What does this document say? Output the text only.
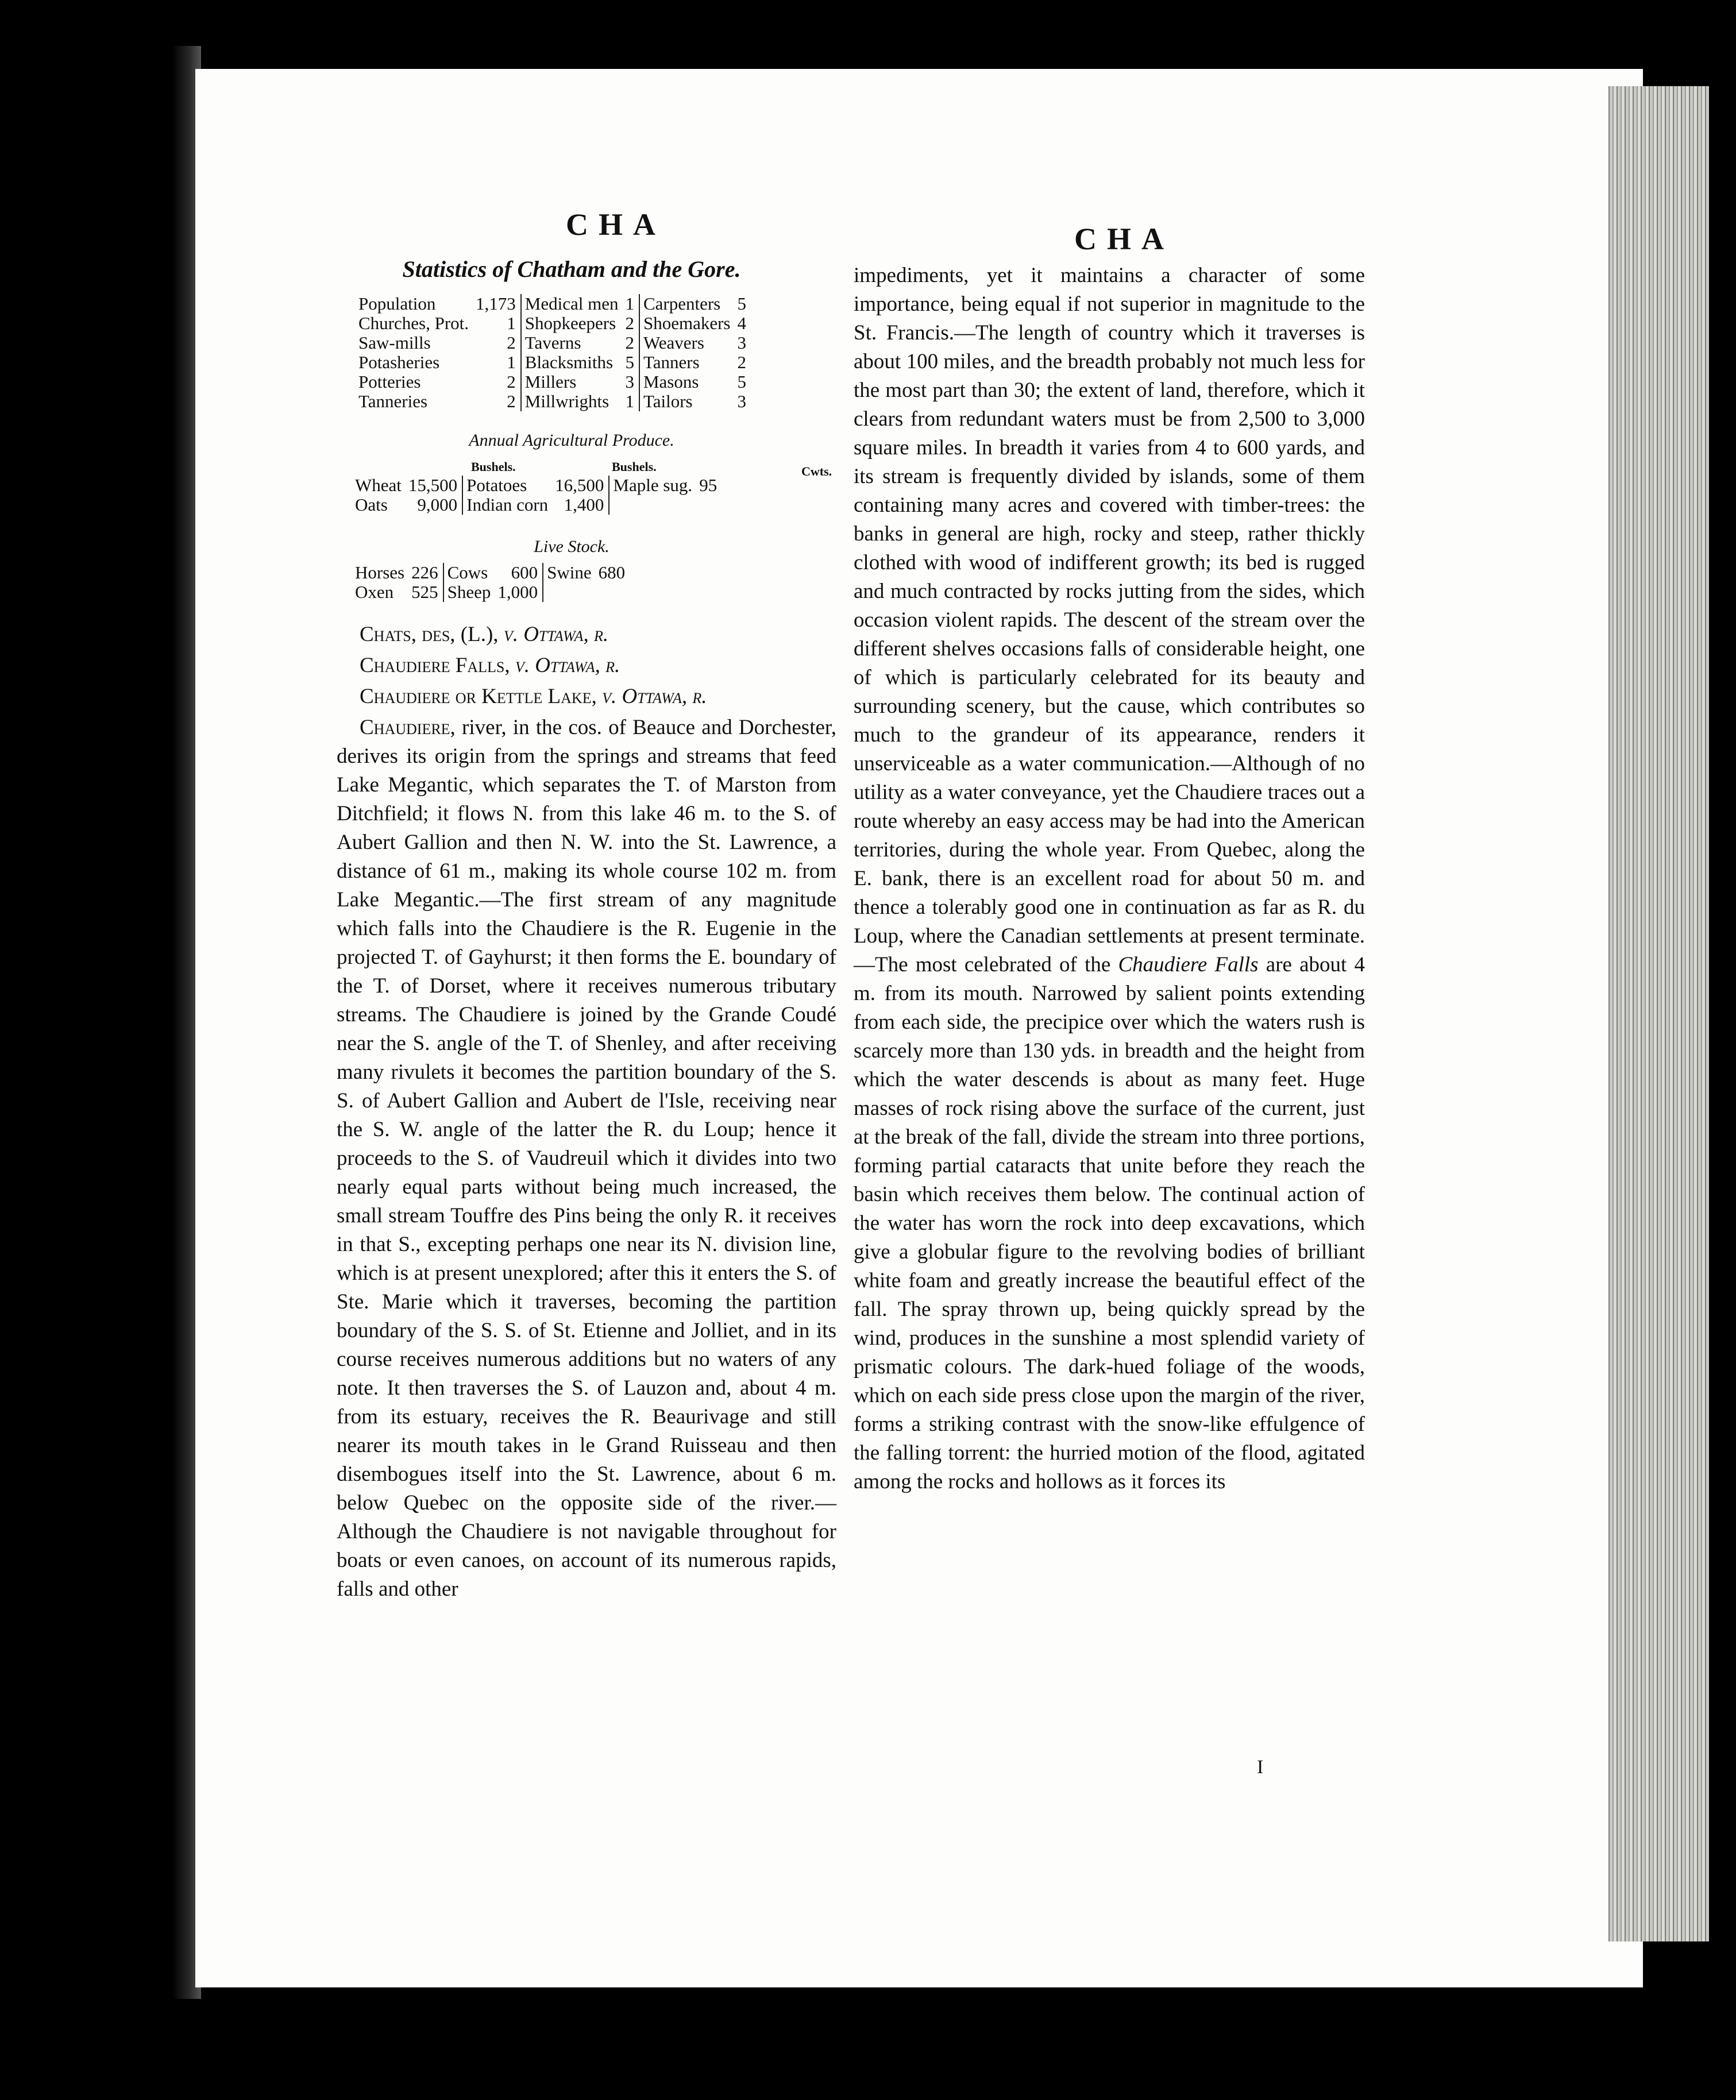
CHA	CHA
Statistics of Chatham and the Gore.
Population	1,173	Medical men	1	Carpenters	5
Churches, Prot.	1	Shopkeepers	2	Shoemakers	4
Saw-mills	2	Taverns	2	Weavers	3
Potasheries	1	Blacksmiths	5	Tanners	2
Potteries	2	Millers	3	Masons	5
Tanneries	2	Millwrights	1	Tailors	3
Annual Agricultural Produce.
Bushels.	Bushels.	Cwts.
Wheat	15,500	Potatoes	16,500	Maple sug.	95
Oats	9,000	Indian corn	1,400		
Live Stock.
Horses	226	Cows	600	Swine	680
Oxen	525	Sheep	1,000		

Chats, des, (L.), v. Ottawa, r.

Chaudiere Falls, v. Ottawa, r.

Chaudiere or Kettle Lake, v. Ottawa, r.

Chaudiere, river, in the cos. of Beauce and Dorchester, derives its origin from the springs and streams that feed Lake Megantic, which separates the T. of Marston from Ditchfield; it flows N. from this lake 46 m. to the S. of Aubert Gallion and then N. W. into the St. Lawrence, a distance of 61 m., making its whole course 102 m. from Lake Megantic.—The first stream of any magnitude which falls into the Chaudiere is the R. Eugenie in the projected T. of Gayhurst; it then forms the E. boundary of the T. of Dorset, where it receives numerous tributary streams. The Chaudiere is joined by the Grande Coudé near the S. angle of the T. of Shenley, and after receiving many rivulets it becomes the partition boundary of the S. S. of Aubert Gallion and Aubert de l'Isle, receiving near the S. W. angle of the latter the R. du Loup; hence it proceeds to the S. of Vaudreuil which it divides into two nearly equal parts without being much increased, the small stream Touffre des Pins being the only R. it receives in that S., excepting perhaps one near its N. division line, which is at present unexplored; after this it enters the S. of Ste. Marie which it traverses, becoming the partition boundary of the S. S. of St. Etienne and Jolliet, and in its course receives numerous additions but no waters of any note. It then traverses the S. of Lauzon and, about 4 m. from its estuary, receives the R. Beaurivage and still nearer its mouth takes in le Grand Ruisseau and then disembogues itself into the St. Lawrence, about 6 m. below Quebec on the opposite side of the river.—Although the Chaudiere is not navigable throughout for boats or even canoes, on account of its numerous rapids, falls and other

impediments, yet it maintains a character of some importance, being equal if not superior in magnitude to the St. Francis.—The length of country which it traverses is about 100 miles, and the breadth probably not much less for the most part than 30; the extent of land, therefore, which it clears from redundant waters must be from 2,500 to 3,000 square miles. In breadth it varies from 4 to 600 yards, and its stream is frequently divided by islands, some of them containing many acres and covered with timber-trees: the banks in general are high, rocky and steep, rather thickly clothed with wood of indifferent growth; its bed is rugged and much contracted by rocks jutting from the sides, which occasion violent rapids. The descent of the stream over the different shelves occasions falls of considerable height, one of which is particularly celebrated for its beauty and surrounding scenery, but the cause, which contributes so much to the grandeur of its appearance, renders it unserviceable as a water communication.—Although of no utility as a water conveyance, yet the Chaudiere traces out a route whereby an easy access may be had into the American territories, during the whole year. From Quebec, along the E. bank, there is an excellent road for about 50 m. and thence a tolerably good one in continuation as far as R. du Loup, where the Canadian settlements at present terminate.—The most celebrated of the Chaudiere Falls are about 4 m. from its mouth. Narrowed by salient points extending from each side, the precipice over which the waters rush is scarcely more than 130 yds. in breadth and the height from which the water descends is about as many feet. Huge masses of rock rising above the surface of the current, just at the break of the fall, divide the stream into three portions, forming partial cataracts that unite before they reach the basin which receives them below. The continual action of the water has worn the rock into deep excavations, which give a globular figure to the revolving bodies of brilliant white foam and greatly increase the beautiful effect of the fall. The spray thrown up, being quickly spread by the wind, produces in the sunshine a most splendid variety of prismatic colours. The dark-hued foliage of the woods, which on each side press close upon the margin of the river, forms a striking contrast with the snow-like effulgence of the falling torrent: the hurried motion of the flood, agitated among the rocks and hollows as it forces its

I
